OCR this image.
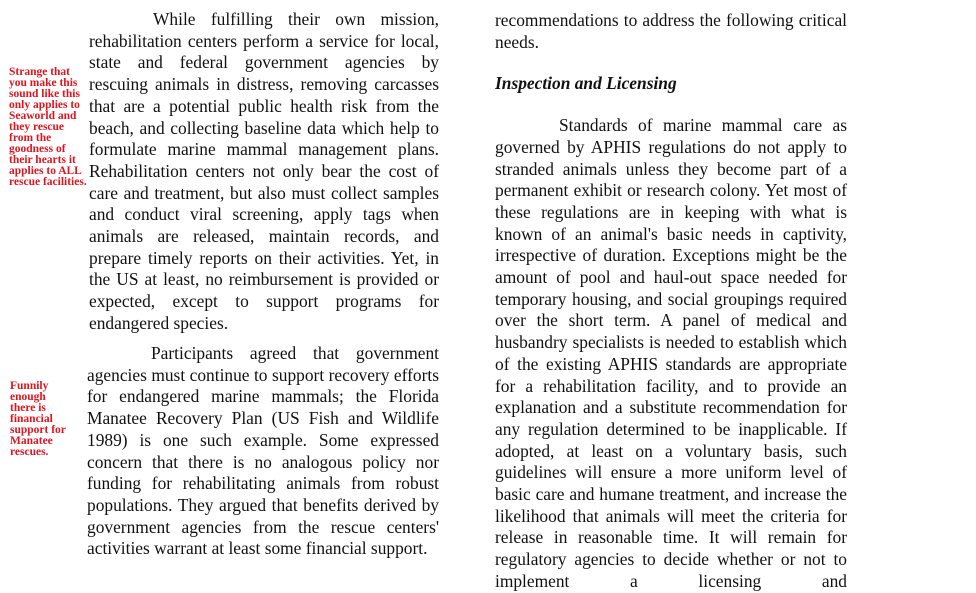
Strange that you make this sound like this only applies to Seaworld and they rescue from the goodness of their hearts it applies to ALL rescue facilities.

Funnily enough there is financial support for Manatee rescues.

While fulfilling their own mission, rehabilitation centers perform a service for local, state and federal government agencies by rescuing animals in distress, removing carcasses that are a potential public health risk from the beach, and collecting baseline data which help to formulate marine mammal management plans. Rehabilitation centers not only bear the cost of care and treatment, but also must collect samples and conduct viral screening, apply tags when animals are released, maintain records, and prepare timely reports on their activities. Yet, in the US at least, no reimbursement is provided or expected, except to support programs for endangered species.

Participants agreed that government agencies must continue to support recovery efforts for endangered marine mammals; the Florida Manatee Recovery Plan (US Fish and Wildlife 1989) is one such example. Some expressed concern that there is no analogous policy nor funding for rehabilitating animals from robust populations. They argued that benefits derived by government agencies from the rescue centers' activities warrant at least some financial support.

recommendations to address the following critical needs.

Inspection and Licensing

Standards of marine mammal care as governed by APHIS regulations do not apply to stranded animals unless they become part of a permanent exhibit or research colony. Yet most of these regulations are in keeping with what is known of an animal's basic needs in captivity, irrespective of duration. Exceptions might be the amount of pool and haul-out space needed for temporary housing, and social groupings required over the short term. A panel of medical and husbandry specialists is needed to establish which of the existing APHIS standards are appropriate for a rehabilitation facility, and to provide an explanation and a substitute recommendation for any regulation determined to be inapplicable. If adopted, at least on a voluntary basis, such guidelines will ensure a more uniform level of basic care and humane treatment, and increase the likelihood that animals will meet the criteria for release in reasonable time. It will remain for regulatory agencies to decide whether or not to implement a licensing and
